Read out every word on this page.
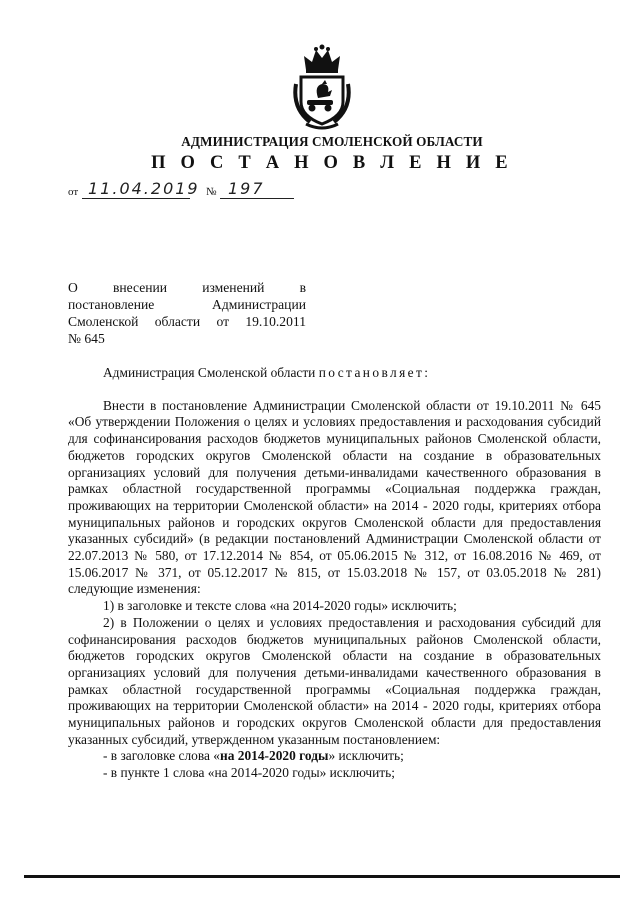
АДМИНИСТРАЦИЯ СМОЛЕНСКОЙ ОБЛАСТИ
П О С Т А Н О В Л Е Н И Е
от 11.04.2019 № 197
О внесении изменений в
постановление Администрации
Смоленской области от 19.10.2011
№ 645

Администрация Смоленской области постановляет:

Внести в постановление Администрации Смоленской области от 19.10.2011 № 645 «Об утверждении Положения о целях и условиях предоставления и расходования субсидий для софинансирования расходов бюджетов муниципальных районов Смоленской области, бюджетов городских округов Смоленской области на создание в образовательных организациях условий для получения детьми-инвалидами качественного образования в рамках областной государственной программы «Социальная поддержка граждан, проживающих на территории Смоленской области» на 2014 - 2020 годы, критериях отбора муниципальных районов и городских округов Смоленской области для предоставления указанных субсидий» (в редакции постановлений Администрации Смоленской области от 22.07.2013 № 580, от 17.12.2014 № 854, от 05.06.2015 № 312, от 16.08.2016 № 469, от 15.06.2017 № 371, от 05.12.2017 № 815, от 15.03.2018 № 157, от 03.05.2018 № 281) следующие изменения:

1) в заголовке и тексте слова «на 2014-2020 годы» исключить;

2) в Положении о целях и условиях предоставления и расходования субсидий для софинансирования расходов бюджетов муниципальных районов Смоленской области, бюджетов городских округов Смоленской области на создание в образовательных организациях условий для получения детьми-инвалидами качественного образования в рамках областной государственной программы «Социальная поддержка граждан, проживающих на территории Смоленской области» на 2014 - 2020 годы, критериях отбора муниципальных районов и городских округов Смоленской области для предоставления указанных субсидий, утвержденном указанным постановлением:

- в заголовке слова «на 2014-2020 годы» исключить;

- в пункте 1 слова «на 2014-2020 годы» исключить;
